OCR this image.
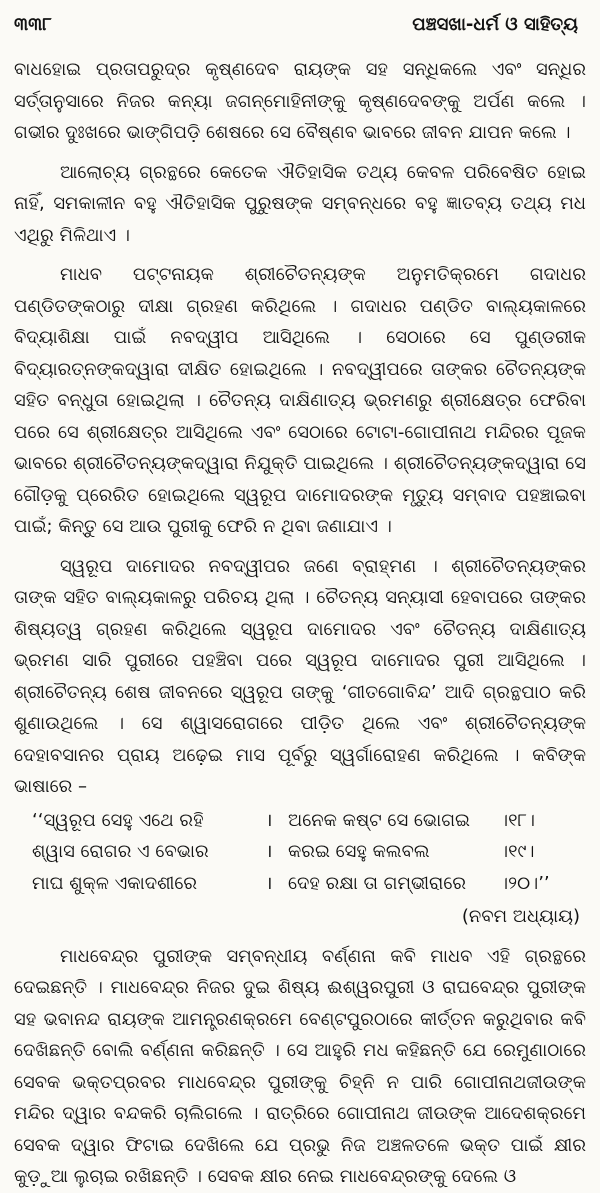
୩୩୮	ପଞ୍ଚସଖା-ଧର୍ମ ଓ ସାହିତ୍ୟ

ବାଧହୋଇ ପ୍ରତାପରୁଦ୍ର କୃଷ୍ଣଦେବ ରାୟଙ୍କ ସହ ସନ୍ଧିକଲେ ଏବଂ ସନ୍ଧିର ସର୍ତ୍ତାନୁସାରେ ନିଜର କନ୍ୟା ଜଗନ୍ମୋହିନୀଙ୍କୁ କୃଷ୍ଣଦେବଙ୍କୁ ଅର୍ପଣ କଲେ । ଗଭୀର ଦୁଃଖରେ ଭାଙ୍ଗିପଡ଼ି ଶେଷରେ ସେ ବୈଷ୍ଣବ ଭାବରେ ଜୀବନ ଯାପନ କଲେ ।

ଆଲୋଚ୍ୟ ଗ୍ରନ୍ଥରେ କେତେକ ଐତିହାସିକ ତଥ୍ୟ କେବଳ ପରିବେଷିତ ହୋଇ ନାହିଁ, ସମକାଳୀନ ବହୁ ଐତିହାସିକ ପୁରୁଷଙ୍କ ସମ୍ବନ୍ଧରେ ବହୁ ଜ୍ଞାତବ୍ୟ ତଥ୍ୟ ମଧ ଏଥିରୁ ମିଳିଥାଏ ।

ମାଧବ ପଟ୍ଟନାୟକ ଶ୍ରୀଚୈତନ୍ୟଙ୍କ ଅନୁମତିକ୍ରମେ ଗଦାଧର ପଣ୍ଡିତଙ୍କଠାରୁ ଦୀକ୍ଷା ଗ୍ରହଣ କରିଥିଲେ । ଗଦାଧର ପଣ୍ଡିତ ବାଲ୍ୟକାଳରେ ବିଦ୍ୟାଶିକ୍ଷା ପାଇଁ ନବଦ୍ୱୀପ ଆସିଥିଲେ । ସେଠାରେ ସେ ପୁଣ୍ଡରୀକ ବିଦ୍ୟାରତ୍ନଙ୍କଦ୍ୱାରା ଦୀକ୍ଷିତ ହୋଇଥିଲେ । ନବଦ୍ୱୀପରେ ତାଙ୍କର ଚୈତନ୍ୟଙ୍କ ସହିତ ବନ୍ଧୁତା ହୋଇଥିଲା । ଚୈତନ୍ୟ ଦାକ୍ଷିଣାତ୍ୟ ଭ୍ରମଣରୁ ଶ୍ରୀକ୍ଷେତ୍ର ଫେରିବା ପରେ ସେ ଶ୍ରୀକ୍ଷେତ୍ର ଆସିଥିଲେ ଏବଂ ସେଠାରେ ଟୋଟା-ଗୋପୀନାଥ ମନ୍ଦିରର ପୂଜକ ଭାବରେ ଶ୍ରୀଚୈତନ୍ୟଙ୍କଦ୍ୱାରା ନିଯୁକ୍ତି ପାଇଥିଲେ । ଶ୍ରୀଚୈତନ୍ୟଙ୍କଦ୍ୱାରା ସେ ଗୌଡ଼କୁ ପ୍ରେରିତ ହୋଇଥିଲେ ସ୍ୱରୂପ ଦାମୋଦରଙ୍କ ମୃତ୍ୟୁ ସମ୍ବାଦ ପହଞ୍ଚାଇବା ପାଇଁ; କିନ୍ତୁ ସେ ଆଉ ପୁରୀକୁ ଫେରି ନ ଥିବା ଜଣାଯାଏ ।

ସ୍ୱରୂପ ଦାମୋଦର ନବଦ୍ୱୀପର ଜଣେ ବ୍ରାହ୍ମଣ । ଶ୍ରୀଚୈତନ୍ୟଙ୍କର ତାଙ୍କ ସହିତ ବାଲ୍ୟକାଳରୁ ପରିଚୟ ଥିଲା । ଚୈତନ୍ୟ ସନ୍ୟାସୀ ହେବାପରେ ତାଙ୍କର ଶିଷ୍ୟତ୍ୱ ଗ୍ରହଣ କରିଥିଲେ ସ୍ୱରୂପ ଦାମୋଦର ଏବଂ ଚୈତନ୍ୟ ଦାକ୍ଷିଣାତ୍ୟ ଭ୍ରମଣ ସାରି ପୁରୀରେ ପହଞ୍ଚିବା ପରେ ସ୍ୱରୂପ ଦାମୋଦର ପୁରୀ ଆସିଥିଲେ । ଶ୍ରୀଚୈତନ୍ୟ ଶେଷ ଜୀବନରେ ସ୍ୱରୂପ ତାଙ୍କୁ ‘ଗୀତଗୋବିନ୍ଦ’ ଆଦି ଗ୍ରନ୍ଥପାଠ କରି ଶୁଣାଉଥିଲେ । ସେ ଶ୍ୱାସରୋଗରେ ପୀଡ଼ିତ ଥିଲେ ଏବଂ ଶ୍ରୀଚୈତନ୍ୟଙ୍କ ଦେହାବସାନର ପ୍ରାୟ ଅଢ଼େଇ ମାସ ପୂର୍ବରୁ ସ୍ୱର୍ଗାରୋହଣ କରିଥିଲେ । କବିଙ୍କ ଭାଷାରେ –

‘‘ସ୍ୱରୂପ ସେହୁ ଏଥେ ରହି	। ଅନେକ କଷ୍ଟ ସେ ଭୋଗଇ	।୧୮।
ଶ୍ୱାସ ରୋଗର ଏ ବେଭାର	। କରଇ ସେହୁ କଲବଲ	।୧୯।
ମାଘ ଶୁକ୍ଳ ଏକାଦଶୀରେ	। ଦେହ ରକ୍ଷା ତା ଗମ୍ଭୀରାରେ	।୨୦।’’
(ନବମ ଅଧ୍ୟାୟ)

ମାଧବେନ୍ଦ୍ର ପୁରୀଙ୍କ ସମ୍ବନ୍ଧୀୟ ବର୍ଣ୍ଣନା କବି ମାଧବ ଏହି ଗ୍ରନ୍ଥରେ ଦେଇଛନ୍ତି । ମାଧବେନ୍ଦ୍ର ନିଜର ଦୁଇ ଶିଷ୍ୟ ଈଶ୍ୱରପୁରୀ ଓ ରାଘବେନ୍ଦ୍ର ପୁରୀଙ୍କ ସହ ଭବାନନ୍ଦ ରାୟଙ୍କ ଆମନ୍ତ୍ରଣକ୍ରମେ ବେଣ୍ଟପୁରଠାରେ କୀର୍ତ୍ତନ କରୁଥିବାର କବି ଦେଖିଛନ୍ତି ବୋଲି ବର୍ଣ୍ଣନା କରିଛନ୍ତି । ସେ ଆହୁରି ମଧ କହିଛନ୍ତି ଯେ ରେମୁଣାଠାରେ ସେବକ ଭକ୍ତପ୍ରବର ମାଧବେନ୍ଦ୍ର ପୁରୀଙ୍କୁ ଚିହ୍ନି ନ ପାରି ଗୋପୀନାଥଜୀଉଙ୍କ ମନ୍ଦିର ଦ୍ୱାର ବନ୍ଦକରି ଚାଲିଗଲେ । ରାତ୍ରିରେ ଗୋପୀନାଥ ଜୀଉଙ୍କ ଆଦେଶକ୍ରମେ ସେବକ ଦ୍ୱାର ଫିଟାଇ ଦେଖିଲେ ଯେ ପ୍ରଭୁ ନିଜ ଅଞ୍ଚଳତଳେ ଭକ୍ତ ପାଇଁ କ୍ଷୀର କୁଡ଼ୁଆ ଲୁଚାଇ ରଖିଛନ୍ତି । ସେବକ କ୍ଷୀର ନେଇ ମାଧବେନ୍ଦ୍ରଙ୍କୁ ଦେଲେ ଓ
